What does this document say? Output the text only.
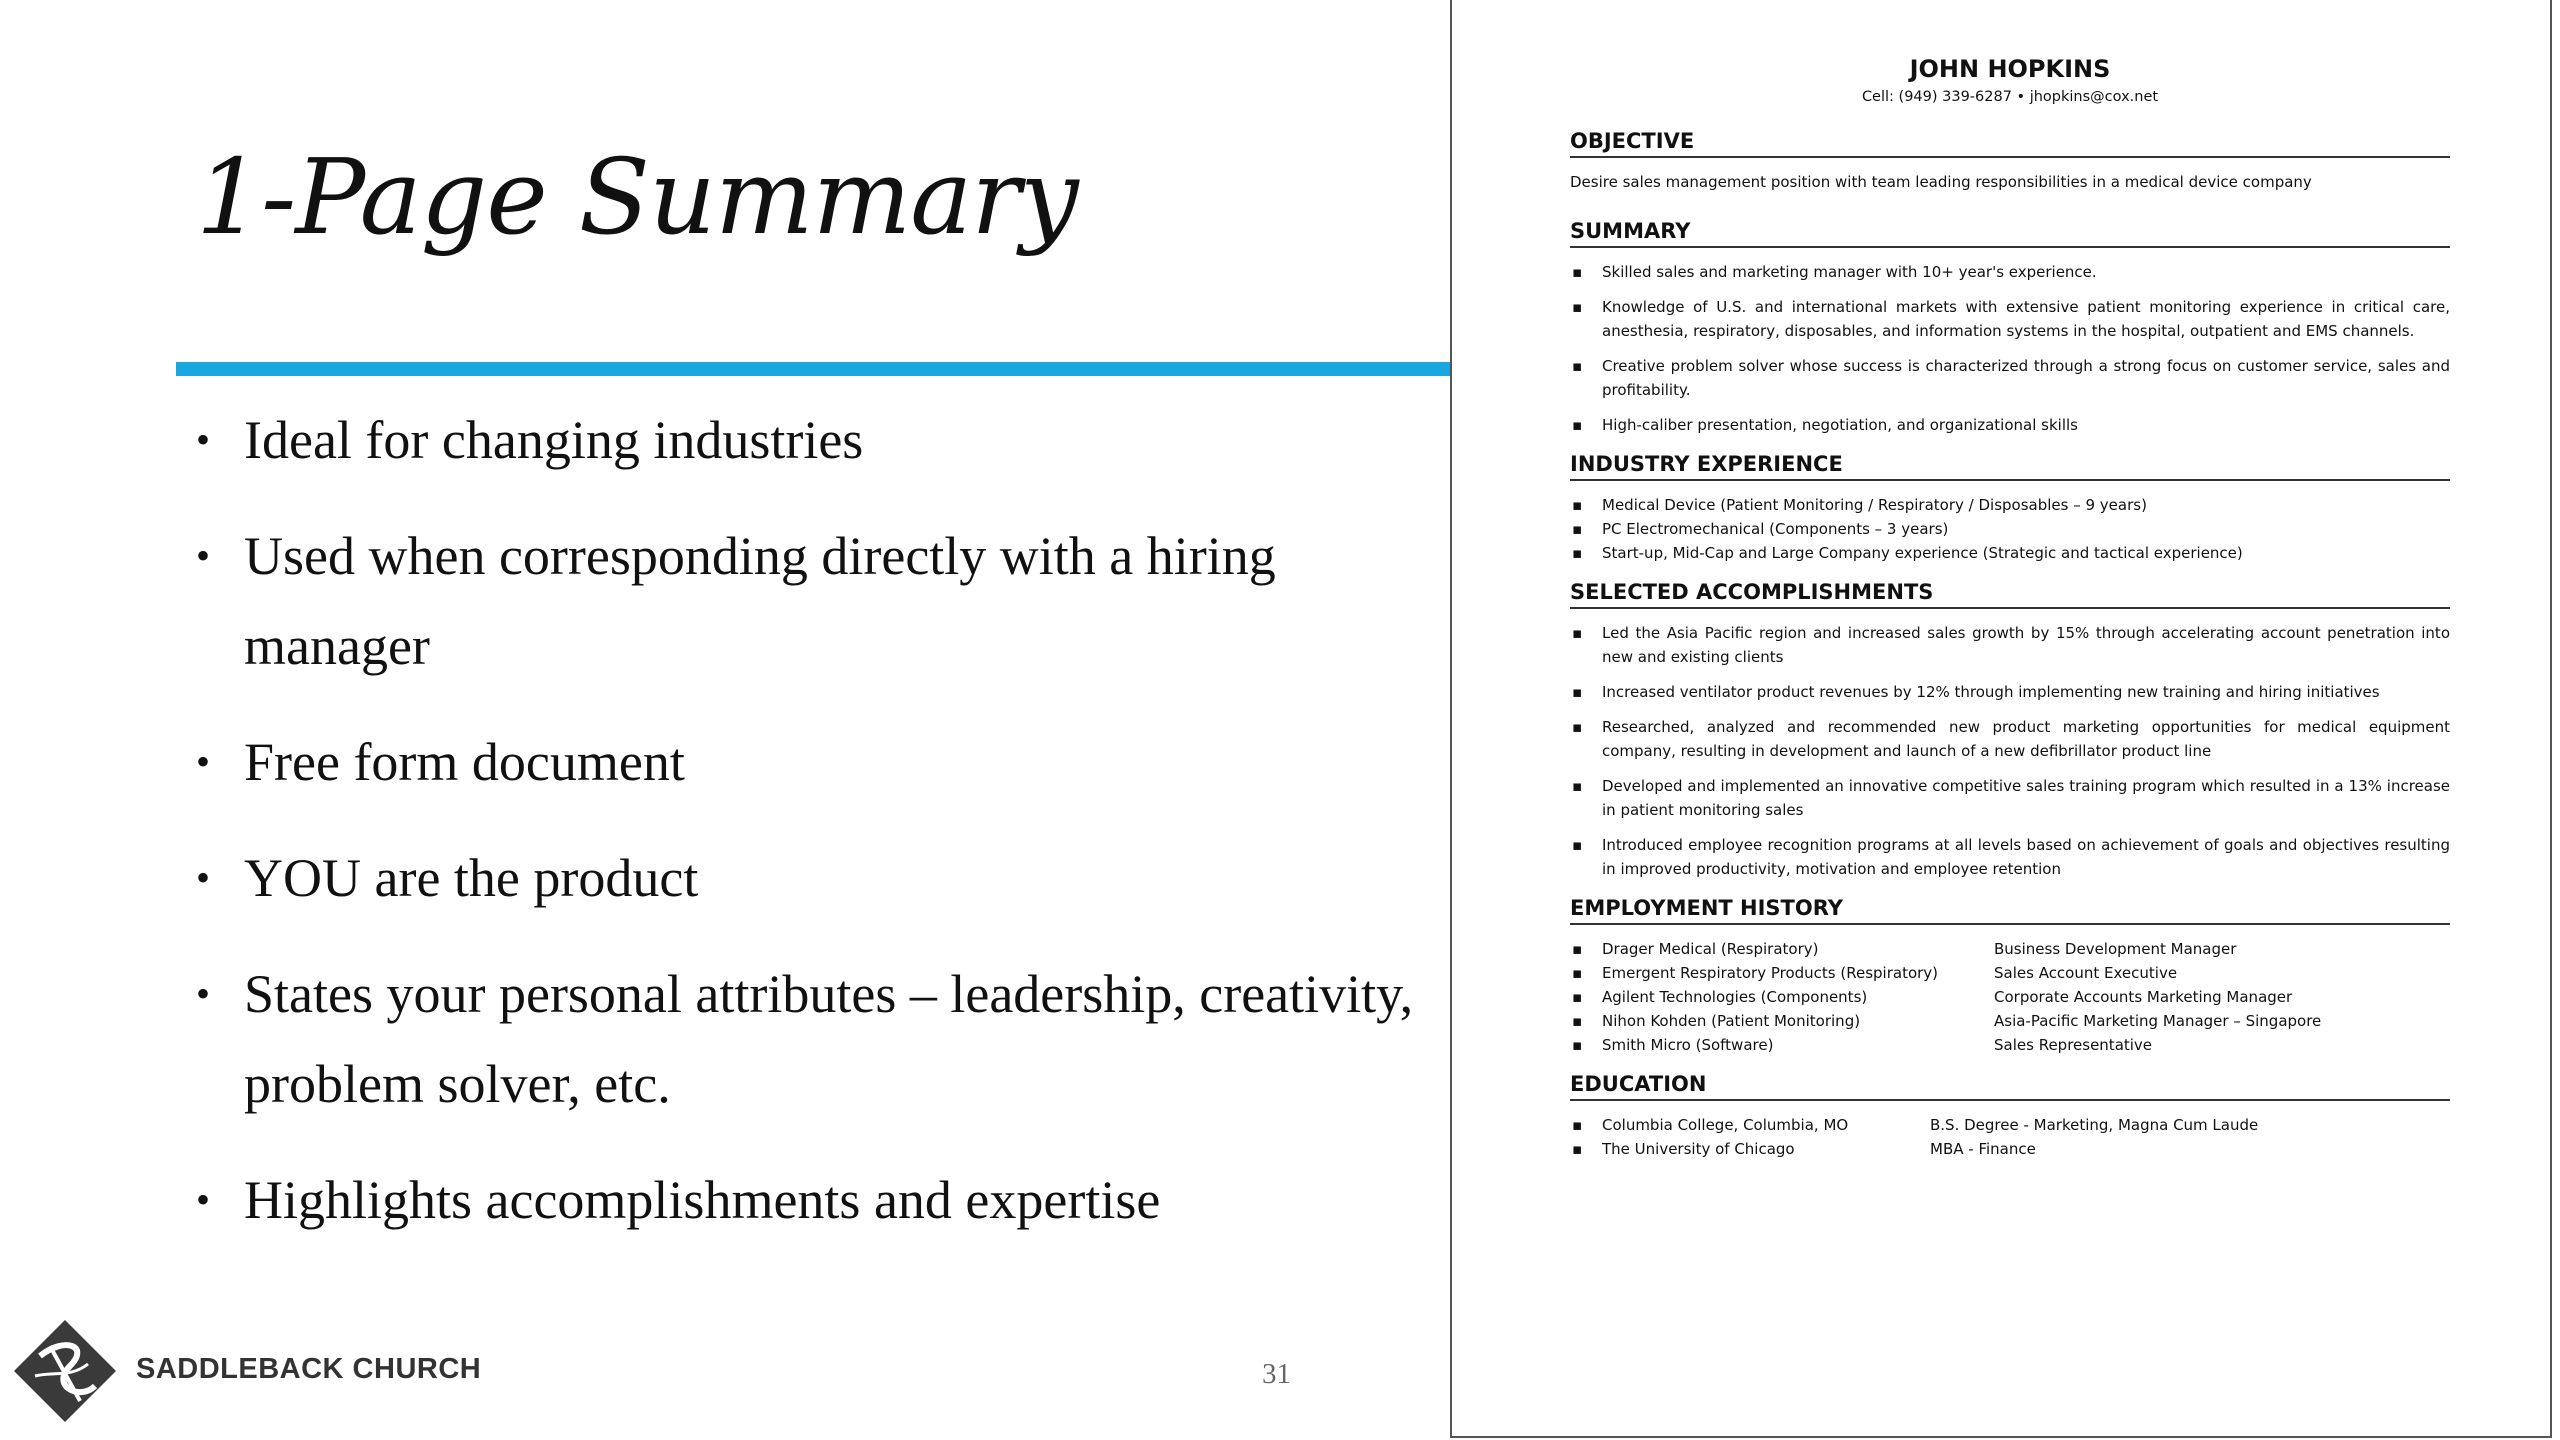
1-Page Summary
• Ideal for changing industries
• Used when corresponding directly with a hiring manager
• Free form document
• YOU are the product
• States your personal attributes – leadership, creativity, problem solver, etc.
• Highlights accomplishments and expertise
SADDLEBACK CHURCH	31
JOHN HOPKINS
Cell: (949) 339-6287 • jhopkins@cox.net
OBJECTIVE
Desire sales management position with team leading responsibilities in a medical device company
SUMMARY
▪ Skilled sales and marketing manager with 10+ year's experience.
▪ Knowledge of U.S. and international markets with extensive patient monitoring experience in critical care, anesthesia, respiratory, disposables, and information systems in the hospital, outpatient and EMS channels.
▪ Creative problem solver whose success is characterized through a strong focus on customer service, sales and profitability.
▪ High-caliber presentation, negotiation, and organizational skills
INDUSTRY EXPERIENCE
▪ Medical Device (Patient Monitoring / Respiratory / Disposables – 9 years)
▪ PC Electromechanical (Components – 3 years)
▪ Start-up, Mid-Cap and Large Company experience (Strategic and tactical experience)
SELECTED ACCOMPLISHMENTS
▪ Led the Asia Pacific region and increased sales growth by 15% through accelerating account penetration into new and existing clients
▪ Increased ventilator product revenues by 12% through implementing new training and hiring initiatives
▪ Researched, analyzed and recommended new product marketing opportunities for medical equipment company, resulting in development and launch of a new defibrillator product line
▪ Developed and implemented an innovative competitive sales training program which resulted in a 13% increase in patient monitoring sales
▪ Introduced employee recognition programs at all levels based on achievement of goals and objectives resulting in improved productivity, motivation and employee retention
EMPLOYMENT HISTORY
▪ Drager Medical (Respiratory)
▪ Emergent Respiratory Products (Respiratory)
▪ Agilent Technologies (Components)
▪ Nihon Kohden (Patient Monitoring)
▪ Smith Micro (Software)
Business Development Manager
Sales Account Executive
Corporate Accounts Marketing Manager
Asia-Pacific Marketing Manager – Singapore
Sales Representative
EDUCATION
▪ Columbia College, Columbia, MO
▪ The University of Chicago
B.S. Degree - Marketing, Magna Cum Laude
MBA - Finance
